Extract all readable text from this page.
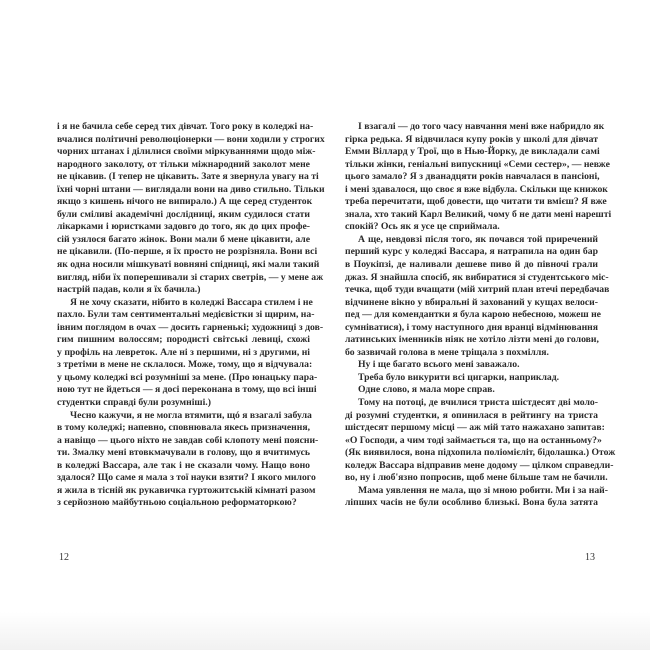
і я не бачила себе серед тих дівчат. Того року в коледжі на-
вчалися політичні революціонерки — вони ходили у строгих
чорних штанах і ділилися своїми міркуваннями щодо між-
народного заколоту, от тільки міжнародний заколот мене
не цікавив. (І тепер не цікавить. Зате я звернула увагу на ті
їхні чорні штани — виглядали вони на диво стильно. Тільки
якщо з кишень нічого не випирало.) А ще серед студенток
були сміливі академічні дослідниці, яким судилося стати
лікарками і юристками задовго до того, як до цих профе-
сій узялося багато жінок. Вони мали б мене цікавити, але
не цікавили. (По-перше, я їх просто не розрізняла. Вони всі
як одна носили мішкуваті вовняні спідниці, які мали такий
вигляд, ніби їх поперешивали зі старих светрів, — у мене аж
настрій падав, коли я їх бачила.)
Я не хочу сказати, нібито в коледжі Вассара стилем і не
пахло. Були там сентиментальні медієвістки зі щирим, на-
івним поглядом в очах — досить гарненькі; художниці з дов-
гим пишним волоссям; породисті світські левиці, схожі
у профіль на левреток. Але ні з першими, ні з другими, ні
з третіми в мене не склалося. Може, тому, що я відчувала:
у цьому коледжі всі розумніші за мене. (Про юнацьку пара-
ною тут не йдеться — я досі переконана в тому, що всі інші
студентки справді були розумніші.)
Чесно кажучи, я не могла втямити, щó я взагалі забула
в тому коледжі; напевно, сповнювала якесь призначення,
а навіщо — цього ніхто не завдав собі клопоту мені поясни-
ти. Змалку мені втовкмачували в голову, що я вчитимусь
в коледжі Вассара, але так і не сказали чому. Нащо воно
здалося? Що саме я мала з тої науки взяти? І якого милого
я жила в тісній як рукавичка гуртожитській кімнаті разом
з серйозною майбутньою соціальною реформаторкою?
І взагалі — до того часу навчання мені вже набридло як
гірка редька. Я відвчилася купу років у школі для дівчат
Емми Віллард у Трої, що в Нью-Йорку, де викладали самі
тільки жінки, геніальні випускниці «Семи сестер», — невже
цього замало? Я з дванадцяти років навчалася в пансіоні,
і мені здавалося, що своє я вже відбула. Скільки ще книжок
треба перечитати, щоб довести, що читати ти вмієш? Я вже
знала, хто такий Карл Великий, чому б не дати мені нарешті
спокій? Ось як я усе це сприймала.
А ще, невдовзі після того, як почався той приречений
перший курс у коледжі Вассара, я натрапила на один бар
в Поукіпзі, де наливали дешеве пиво й до півночі грали
джаз. Я знайшла спосіб, як вибиратися зі студентського міс-
течка, щоб туди вчащати (мій хитрий план втечі передбачав
відчинене вікно у вбиральні й захований у кущах велоси-
пед — для комендантки я була карою небесною, можеш не
сумніватися), і тому наступного дня вранці відмінювання
латинських іменників ніяк не хотіло лізти мені до голови,
бо зазвичай голова в мене тріщала з похмілля.
Ну і ще багато всього мені заважало.
Треба було викурити всі цигарки, наприклад.
Одне слово, я мала море справ.
Тому на потоці, де вчилися триста шістдесят дві моло-
ді розумні студентки, я опинилася в рейтингу на триста
шістдесят першому місці — аж мій тато нажахано запитав:
«О Господи, а чим тоді займається та, що на останньому?»
(Як виявилося, вона підхопила поліомієліт, бідолашка.) Отож
коледж Вассара відправив мене додому — цілком справедли-
во, ну і люб'язно попросив, щоб мене більше там не бачили.
Мама уявлення не мала, що зі мною робити. Ми і за най-
ліпших часів не були особливо близькі. Вона була затята
12	13
